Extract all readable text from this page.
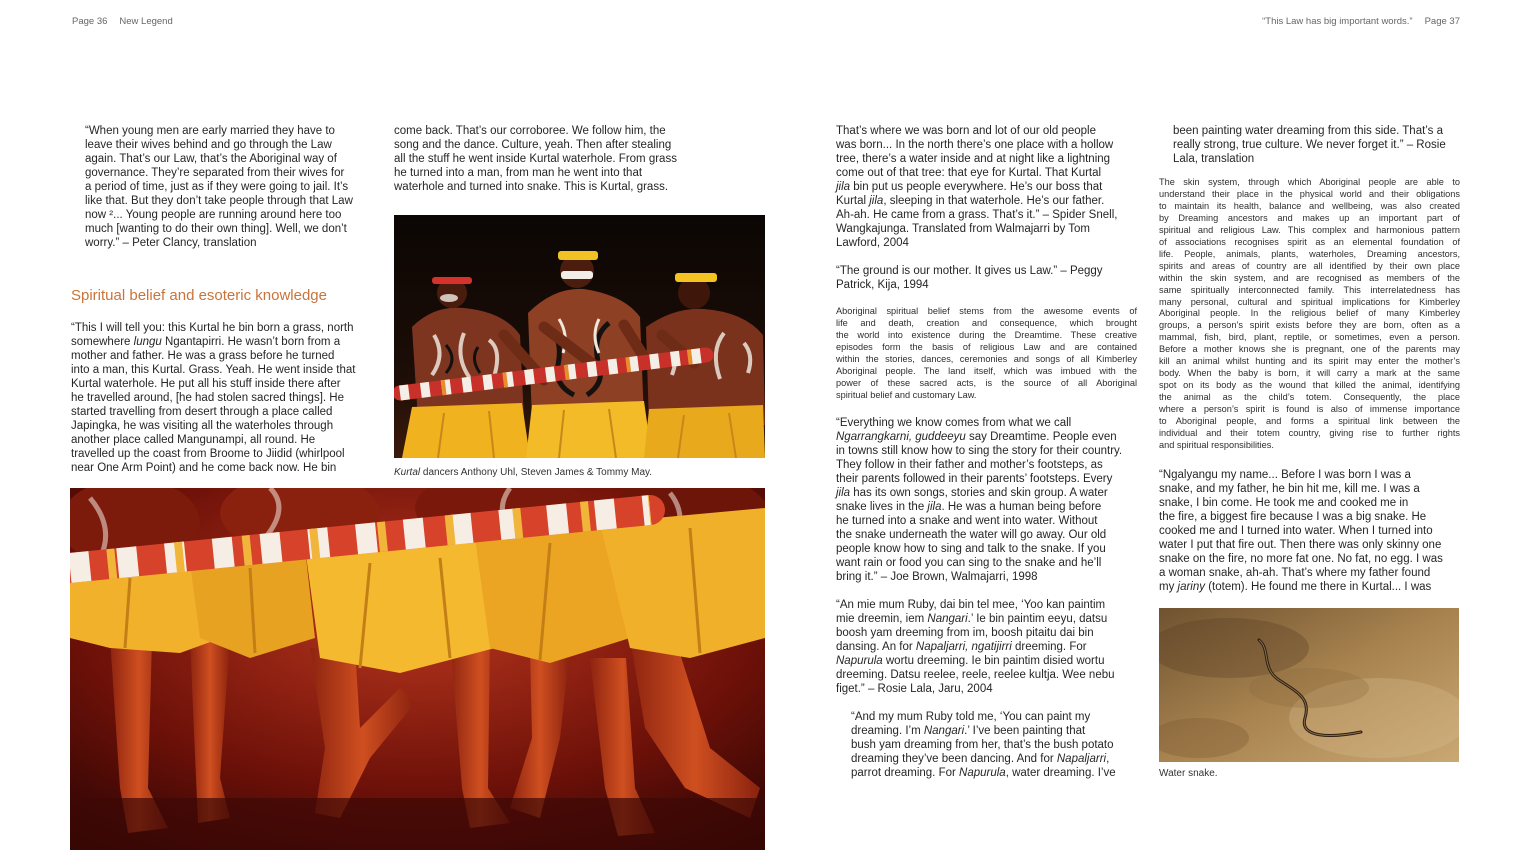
Page 36 New Legend	“This Law has big important words.” Page 37
“When young men are early married they have to
leave their wives behind and go through the Law
again. That’s our Law, that’s the Aboriginal way of
governance. They’re separated from their wives for
a period of time, just as if they were going to jail. It’s
like that. But they don’t take people through that Law
now ²... Young people are running around here too
much [wanting to do their own thing]. Well, we don’t
worry.” – Peter Clancy, translation
Spiritual belief and esoteric knowledge
“This I will tell you: this Kurtal he bin born a grass, north
somewhere lungu Ngantapirri. He wasn’t born from a
mother and father. He was a grass before he turned
into a man, this Kurtal. Grass. Yeah. He went inside that
Kurtal waterhole. He put all his stuff inside there after
he travelled around, [he had stolen sacred things]. He
started travelling from desert through a place called
Japingka, he was visiting all the waterholes through
another place called Mangunampi, all round. He
travelled up the coast from Broome to Jiidid (whirlpool
near One Arm Point) and he come back now. He bin
come back. That’s our corroboree. We follow him, the
song and the dance. Culture, yeah. Then after stealing
all the stuff he went inside Kurtal waterhole. From grass
he turned into a man, from man he went into that
waterhole and turned into snake. This is Kurtal, grass.
Kurtal dancers Anthony Uhl, Steven James & Tommy May.
That’s where we was born and lot of our old people
was born... In the north there’s one place with a hollow
tree, there’s a water inside and at night like a lightning
come out of that tree: that eye for Kurtal. That Kurtal
jila bin put us people everywhere. He’s our boss that
Kurtal jila, sleeping in that waterhole. He’s our father.
Ah-ah. He came from a grass. That’s it.” – Spider Snell,
Wangkajunga. Translated from Walmajarri by Tom
Lawford, 2004
“The ground is our mother. It gives us Law.” – Peggy
Patrick, Kija, 1994
Aboriginal spiritual belief stems from the awesome events of
life and death, creation and consequence, which brought
the world into existence during the Dreamtime. These creative
episodes form the basis of religious Law and are contained
within the stories, dances, ceremonies and songs of all Kimberley
Aboriginal people. The land itself, which was imbued with the
power of these sacred acts, is the source of all Aboriginal
spiritual belief and customary Law.
“Everything we know comes from what we call
Ngarrangkarni, guddeeyu say Dreamtime. People even
in towns still know how to sing the story for their country.
They follow in their father and mother’s footsteps, as
their parents followed in their parents’ footsteps. Every
jila has its own songs, stories and skin group. A water
snake lives in the jila. He was a human being before
he turned into a snake and went into water. Without
the snake underneath the water will go away. Our old
people know how to sing and talk to the snake. If you
want rain or food you can sing to the snake and he’ll
bring it.” – Joe Brown, Walmajarri, 1998
“An mie mum Ruby, dai bin tel mee, ‘Yoo kan paintim
mie dreemin, iem Nangari.’ Ie bin paintim eeyu, datsu
boosh yam dreeming from im, boosh pitaitu dai bin
dansing. An for Napaljarri, ngatijirri dreeming. For
Napurula wortu dreeming. Ie bin paintim disied wortu
dreeming. Datsu reelee, reele, reelee kultja. Wee nebu
figet.” – Rosie Lala, Jaru, 2004
“And my mum Ruby told me, ‘You can paint my
dreaming. I’m Nangari.’ I’ve been painting that
bush yam dreaming from her, that’s the bush potato
dreaming they’ve been dancing. And for Napaljarri,
parrot dreaming. For Napurula, water dreaming. I’ve
been painting water dreaming from this side. That’s a
really strong, true culture. We never forget it.” – Rosie
Lala, translation
The skin system, through which Aboriginal people are able to
understand their place in the physical world and their obligations
to maintain its health, balance and wellbeing, was also created
by Dreaming ancestors and makes up an important part of
spiritual and religious Law. This complex and harmonious pattern
of associations recognises spirit as an elemental foundation of
life. People, animals, plants, waterholes, Dreaming ancestors,
spirits and areas of country are all identified by their own place
within the skin system, and are recognised as members of the
same spiritually interconnected family. This interrelatedness has
many personal, cultural and spiritual implications for Kimberley
Aboriginal people. In the religious belief of many Kimberley
groups, a person’s spirit exists before they are born, often as a
mammal, fish, bird, plant, reptile, or sometimes, even a person.
Before a mother knows she is pregnant, one of the parents may
kill an animal whilst hunting and its spirit may enter the mother’s
body. When the baby is born, it will carry a mark at the same
spot on its body as the wound that killed the animal, identifying
the animal as the child’s totem. Consequently, the place
where a person’s spirit is found is also of immense importance
to Aboriginal people, and forms a spiritual link between the
individual and their totem country, giving rise to further rights
and spiritual responsibilities.
“Ngalyangu my name... Before I was born I was a
snake, and my father, he bin hit me, kill me. I was a
snake, I bin come. He took me and cooked me in
the fire, a biggest fire because I was a big snake. He
cooked me and I turned into water. When I turned into
water I put that fire out. Then there was only skinny one
snake on the fire, no more fat one. No fat, no egg. I was
a woman snake, ah-ah. That’s where my father found
my jariny (totem). He found me there in Kurtal... I was
Water snake.
